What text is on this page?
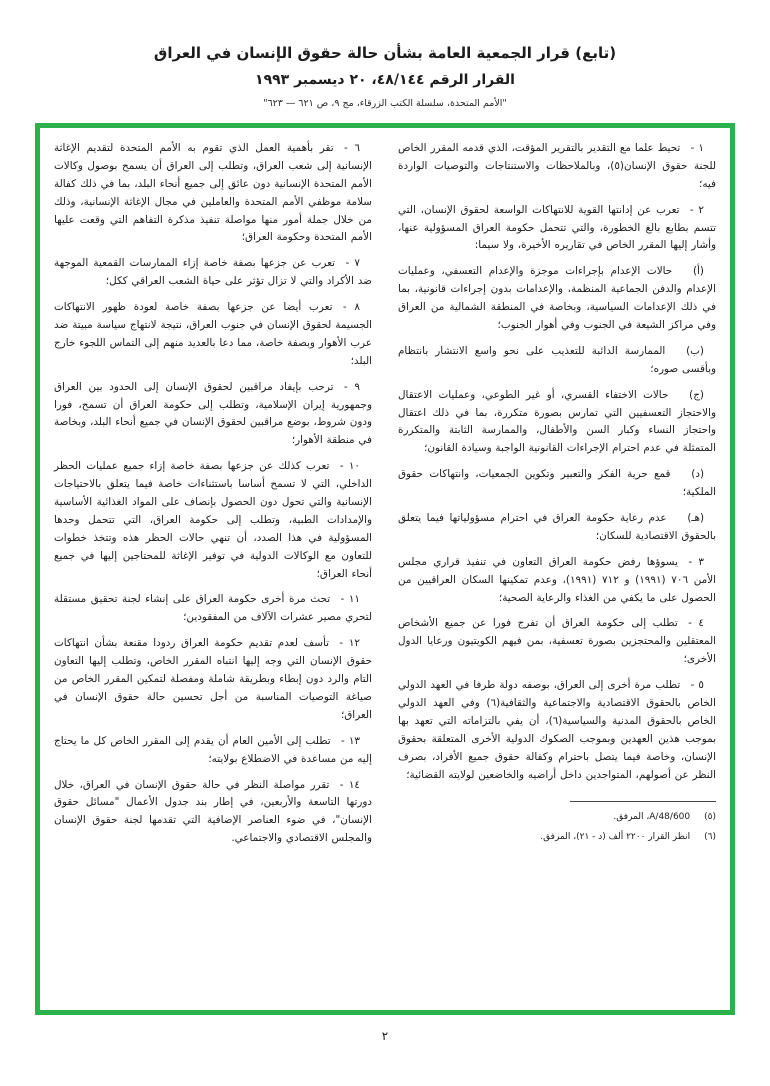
(تابع) قرار الجمعية العامة بشأن حالة حقوق الإنسان في العراق

القرار الرقم ٤٨/١٤٤، ٢٠ ديسمبر ١٩٩٣

"الأمم المتحدة، سلسلة الكتب الزرقاء، مج ٩، ص ٦٢١ — ٦٢٣"

١ - تحيط علما مع التقدير بالتقرير المؤقت، الذي قدمه المقرر الخاص للجنة حقوق الإنسان(٥)، وبالملاحظات والاستنتاجات والتوصيات الواردة فيه؛

٢ - تعرب عن إدانتها القوية للانتهاكات الواسعة لحقوق الإنسان، التي تتسم بطابع بالغ الخطورة، والتي تتحمل حكومة العراق المسؤولية عنها، وأشار إليها المقرر الخاص في تقاريره الأخيرة، ولا سيما:

(أ)  حالات الإعدام بإجراءات موجزة والإعدام التعسفي، وعمليات الإعدام والدفن الجماعية المنظمة، والإعدامات بدون إجراءات قانونية، بما في ذلك الإعدامات السياسية، وبخاصة في المنطقة الشمالية من العراق وفي مراكز الشيعة في الجنوب وفي أهوار الجنوب؛

(ب)  الممارسة الدائبة للتعذيب على نحو واسع الانتشار بانتظام وبأقسى صوره؛

(ج)  حالات الاختفاء القسري، أو غير الطوعي، وعمليات الاعتقال والاحتجاز التعسفيين التي تمارس بصورة متكررة، بما في ذلك اعتقال واحتجاز النساء وكبار السن والأطفال، والممارسة الثابتة والمتكررة المتمثلة في عدم احترام الإجراءات القانونية الواجبة وسيادة القانون؛

(د)  قمع حرية الفكر والتعبير وتكوين الجمعيات، وانتهاكات حقوق الملكية؛

(هـ)  عدم رعاية حكومة العراق في احترام مسؤولياتها فيما يتعلق بالحقوق الاقتصادية للسكان؛

٣ - يسوؤها رفض حكومة العراق التعاون في تنفيذ قراري مجلس الأمن ٧٠٦ (١٩٩١) و ٧١٢ (١٩٩١)، وعدم تمكينها السكان العراقيين من الحصول على ما يكفي من الغذاء والرعاية الصحية؛

٤ - تطلب إلى حكومة العراق أن تفرج فورا عن جميع الأشخاص المعتقلين والمحتجزين بصورة تعسفية، بمن فيهم الكويتيون ورعايا الدول الأخرى؛

٥ - تطلب مرة أخرى إلى العراق، بوصفه دولة طرفا في العهد الدولي الخاص بالحقوق الاقتصادية والاجتماعية والثقافية(٦) وفي العهد الدولي الخاص بالحقوق المدنية والسياسية(٦)، أن يفي بالتزاماته التي تعهد بها بموجب هذين العهدين وبموجب الصكوك الدولية الأخرى المتعلقة بحقوق الإنسان، وخاصة فيما يتصل باحترام وكفالة حقوق جميع الأفراد، بصرف النظر عن أصولهم، المتواجدين داخل أراضيه والخاضعين لولايته القضائية؛

(٥)
A/48/600، المرفق.
(٦)
انظر القرار ٢٢٠٠ ألف (د - ٢١)، المرفق.

٦ - تقر بأهمية العمل الذي تقوم به الأمم المتحدة لتقديم الإغاثة الإنسانية إلى شعب العراق، وتطلب إلى العراق أن يسمح بوصول وكالات الأمم المتحدة الإنسانية دون عائق إلى جميع أنحاء البلد، بما في ذلك كفالة سلامة موظفي الأمم المتحدة والعاملين في مجال الإغاثة الإنسانية، وذلك من خلال جملة أمور منها مواصلة تنفيذ مذكرة التفاهم التي وقعت عليها الأمم المتحدة وحكومة العراق؛

٧ - تعرب عن جزعها بصفة خاصة إزاء الممارسات القمعية الموجهة ضد الأكراد والتي لا تزال تؤثر على حياة الشعب العراقي ككل؛

٨ - تعرب أيضا عن جزعها بصفة خاصة لعودة ظهور الانتهاكات الجسيمة لحقوق الإنسان في جنوب العراق، نتيجة لانتهاج سياسة مبيتة ضد عرب الأهوار وبصفة خاصة، مما دعا بالعديد منهم إلى التماس اللجوء خارج البلد؛

٩ - ترحب بإيفاد مراقبين لحقوق الإنسان إلى الحدود بين العراق وجمهورية إيران الإسلامية، وتطلب إلى حكومة العراق أن تسمح، فورا ودون شروط، بوضع مراقبين لحقوق الإنسان في جميع أنحاء البلد، وبخاصة في منطقة الأهوار؛

١٠ - تعرب كذلك عن جزعها بصفة خاصة إزاء جميع عمليات الحظر الداخلي، التي لا تسمح أساسا باستثناءات خاصة فيما يتعلق بالاحتياجات الإنسانية والتي تحول دون الحصول بإنصاف على المواد الغذائية الأساسية والإمدادات الطبية، وتطلب إلى حكومة العراق، التي تتحمل وحدها المسؤولية في هذا الصدد، أن تنهي حالات الحظر هذه وتتخذ خطوات للتعاون مع الوكالات الدولية في توفير الإغاثة للمحتاجين إليها في جميع أنحاء العراق؛

١١ - تحث مرة أخرى حكومة العراق على إنشاء لجنة تحقيق مستقلة لتحري مصير عشرات الآلاف من المفقودين؛

١٢ - تأسف لعدم تقديم حكومة العراق ردودا مقنعة بشأن انتهاكات حقوق الإنسان التي وجه إليها انتباه المقرر الخاص، وتطلب إليها التعاون التام والرد دون إبطاء وبطريقة شاملة ومفصلة لتمكين المقرر الخاص من صياغة التوصيات المناسبة من أجل تحسين حالة حقوق الإنسان في العراق؛

١٣ - تطلب إلى الأمين العام أن يقدم إلى المقرر الخاص كل ما يحتاج إليه من مساعدة في الاضطلاع بولايته؛

١٤ - تقرر مواصلة النظر في حالة حقوق الإنسان في العراق، خلال دورتها التاسعة والأربعين، في إطار بند جدول الأعمال "مسائل حقوق الإنسان"، في ضوء العناصر الإضافية التي تقدمها لجنة حقوق الإنسان والمجلس الاقتصادي والاجتماعي.

٢
